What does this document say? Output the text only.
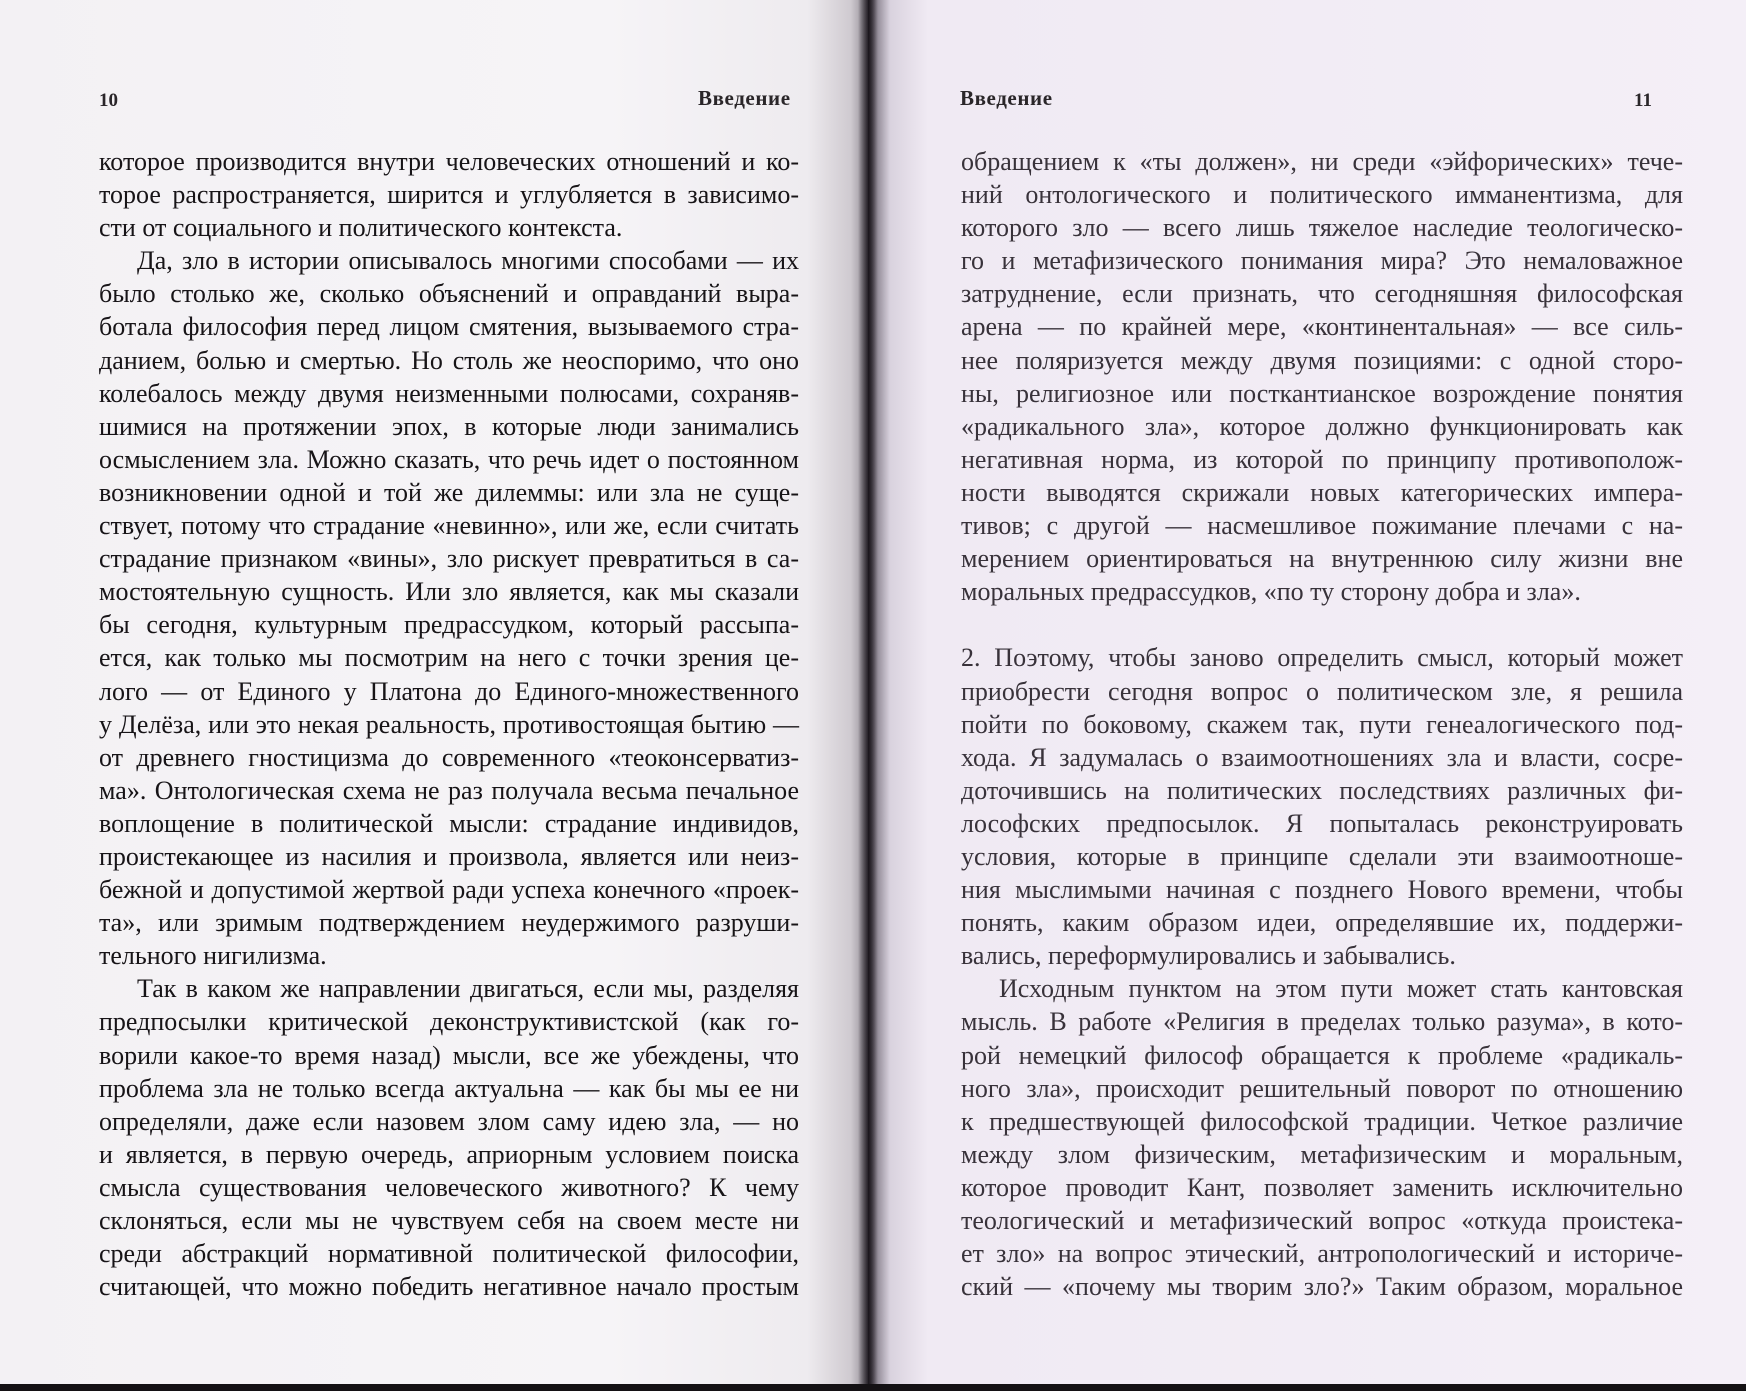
10	Введение

которое производится внутри человеческих отношений и ко-
торое распространяется, ширится и углубляется в зависимо-
сти от социального и политического контекста.
Да, зло в истории описывалось многими способами — их
было столько же, сколько объяснений и оправданий выра-
ботала философия перед лицом смятения, вызываемого стра-
данием, болью и смертью. Но столь же неоспоримо, что оно
колебалось между двумя неизменными полюсами, сохраняв-
шимися на протяжении эпох, в которые люди занимались
осмыслением зла. Можно сказать, что речь идет о постоянном
возникновении одной и той же дилеммы: или зла не суще-
ствует, потому что страдание «невинно», или же, если считать
страдание признаком «вины», зло рискует превратиться в са-
мостоятельную сущность. Или зло является, как мы сказали
бы сегодня, культурным предрассудком, который рассыпа-
ется, как только мы посмотрим на него с точки зрения це-
лого — от Единого у Платона до Единого-множественного
у Делёза, или это некая реальность, противостоящая бытию —
от древнего гностицизма до современного «теоконсерватиз-
ма». Онтологическая схема не раз получала весьма печальное
воплощение в политической мысли: страдание индивидов,
проистекающее из насилия и произвола, является или неиз-
бежной и допустимой жертвой ради успеха конечного «проек-
та», или зримым подтверждением неудержимого разруши-
тельного нигилизма.
Так в каком же направлении двигаться, если мы, разделяя
предпосылки критической деконструктивистской (как го-
ворили какое-то время назад) мысли, все же убеждены, что
проблема зла не только всегда актуальна — как бы мы ее ни
определяли, даже если назовем злом саму идею зла, — но
и является, в первую очередь, априорным условием поиска
смысла существования человеческого животного? К чему
склоняться, если мы не чувствуем себя на своем месте ни
среди абстракций нормативной политической философии,
считающей, что можно победить негативное начало простым

Введение	11

обращением к «ты должен», ни среди «эйфорических» тече-
ний онтологического и политического имманентизма, для
которого зло — всего лишь тяжелое наследие теологическо-
го и метафизического понимания мира? Это немаловажное
затруднение, если признать, что сегодняшняя философская
арена — по крайней мере, «континентальная» — все силь-
нее поляризуется между двумя позициями: с одной сторо-
ны, религиозное или посткантианское возрождение понятия
«радикального зла», которое должно функционировать как
негативная норма, из которой по принципу противополож-
ности выводятся скрижали новых категорических импера-
тивов; с другой — насмешливое пожимание плечами с на-
мерением ориентироваться на внутреннюю силу жизни вне
моральных предрассудков, «по ту сторону добра и зла».
2. Поэтому, чтобы заново определить смысл, который может
приобрести сегодня вопрос о политическом зле, я решила
пойти по боковому, скажем так, пути генеалогического под-
хода. Я задумалась о взаимоотношениях зла и власти, сосре-
доточившись на политических последствиях различных фи-
лософских предпосылок. Я попыталась реконструировать
условия, которые в принципе сделали эти взаимоотноше-
ния мыслимыми начиная с позднего Нового времени, чтобы
понять, каким образом идеи, определявшие их, поддержи-
вались, переформулировались и забывались.
Исходным пунктом на этом пути может стать кантовская
мысль. В работе «Религия в пределах только разума», в кото-
рой немецкий философ обращается к проблеме «радикаль-
ного зла», происходит решительный поворот по отношению
к предшествующей философской традиции. Четкое различие
между злом физическим, метафизическим и моральным,
которое проводит Кант, позволяет заменить исключительно
теологический и метафизический вопрос «откуда проистека-
ет зло» на вопрос этический, антропологический и историче-
ский — «почему мы творим зло?» Таким образом, моральное
